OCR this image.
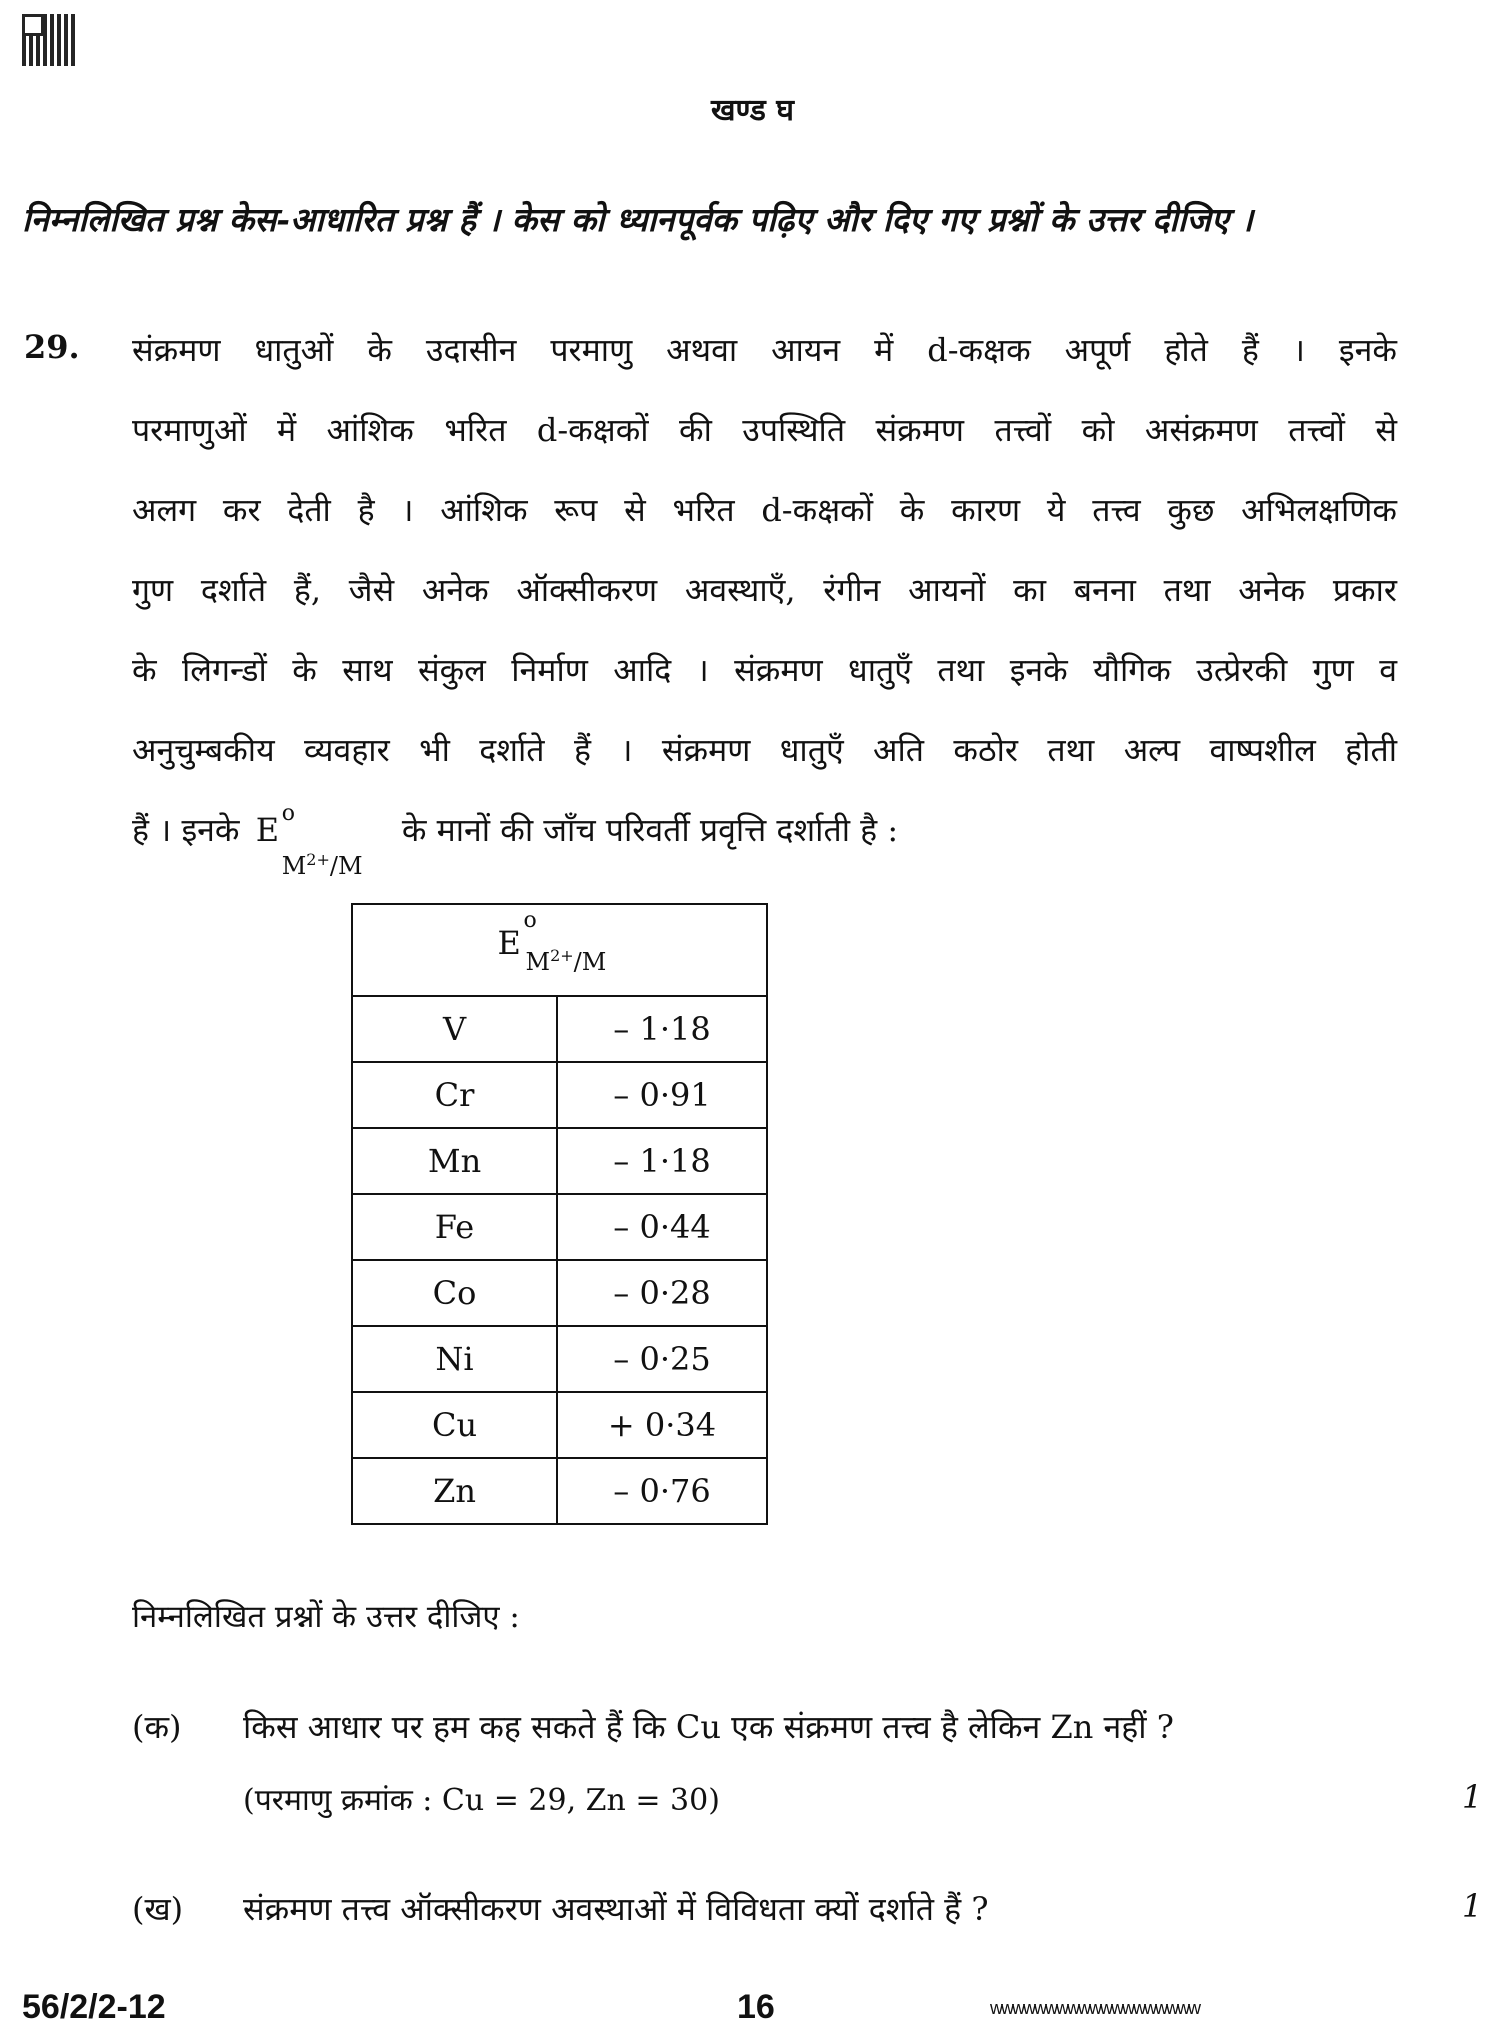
खण्ड घ
निम्नलिखित प्रश्न केस-आधारित प्रश्न हैं । केस को ध्यानपूर्वक पढ़िए और दिए गए प्रश्नों के उत्तर दीजिए ।
29. संक्रमण धातुओं के उदासीन परमाणु अथवा आयन में d-कक्षक अपूर्ण होते हैं । इनके
परमाणुओं में आंशिक भरित d-कक्षकों की उपस्थिति संक्रमण तत्त्वों को असंक्रमण तत्त्वों से
अलग कर देती है । आंशिक रूप से भरित d-कक्षकों के कारण ये तत्त्व कुछ अभिलक्षणिक
गुण दर्शाते हैं, जैसे अनेक ऑक्सीकरण अवस्थाएँ, रंगीन आयनों का बनना तथा अनेक प्रकार
के लिगन्डों के साथ संकुल निर्माण आदि । संक्रमण धातुएँ तथा इनके यौगिक उत्प्रेरकी गुण व
अनुचुम्बकीय व्यवहार भी दर्शाते हैं । संक्रमण धातुएँ अति कठोर तथा अल्प वाष्पशील होती
हैं । इनके E o
$M^{2+}/M$
के मानों की जाँच परिवर्ती प्रवृत्ति दर्शाती है :
E
o
$M^{2+}/M$	

V	– 1·18
Cr	– 0·91
Mn	– 1·18
Fe	– 0·44
Co	– 0·28
Ni	– 0·25
Cu	+ 0·34
Zn	– 0·76
निम्नलिखित प्रश्नों के उत्तर दीजिए :
(क) किस आधार पर हम कह सकते हैं कि Cu एक संक्रमण तत्त्व है लेकिन Zn नहीं ?
(परमाणु क्रमांक : Cu = 29, Zn = 30)	1
(ख) संक्रमण तत्त्व ऑक्सीकरण अवस्थाओं में विविधता क्यों दर्शाते हैं ?	1
56/2/2-12	16	wwwwwwwwwwwwwwwwwww
